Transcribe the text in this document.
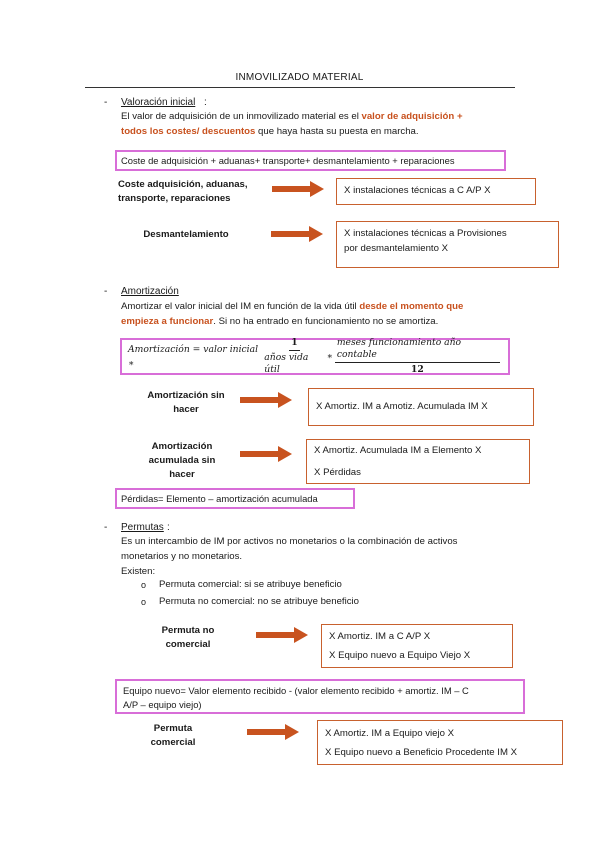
INMOVILIZADO MATERIAL
- Valoración inicial :
El valor de adquisición de un inmovilizado material es el valor de adquisición +
todos los costes/ descuentos que haya hasta su puesta en marcha.
Coste de adquisición + aduanas+ transporte+ desmantelamiento + reparaciones
Coste adquisición, aduanas, transporte, reparaciones
X instalaciones técnicas a C A/P X
Desmantelamiento	X instalaciones técnicas a Provisiones
por desmantelamiento X
- Amortización
Amortizar el valor inicial del IM en función de la vida útil desde el momento que
empieza a funcionar. Si no ha entrado en funcionamiento no se amortiza.
Amortización = valor inicial ∗	$\frac{1}{\text{años vida útil}}$ ∗ $\frac{\text{meses funcionamiento año contable}}{12}$
Amortización sin
hacer	X Amortiz. IM a Amotiz. Acumulada IM X
Amortización
acumulada sin
hacer
X Amortiz. Acumulada IM a Elemento X
X Pérdidas
Pérdidas= Elemento – amortización acumulada
- Permutas :
Es un intercambio de IM por activos no monetarios o la combinación de activos
monetarios y no monetarios.
Existen:
o Permuta comercial: si se atribuye beneficio
o Permuta no comercial: no se atribuye beneficio
Permuta no
comercial
X Amortiz. IM a C A/P X
X Equipo nuevo a Equipo Viejo X
Equipo nuevo= Valor elemento recibido - (valor elemento recibido + amortiz. IM – C
A/P – equipo viejo)
Permuta
comercial
X Amortiz. IM a Equipo viejo X
X Equipo nuevo a Beneficio Procedente IM X
